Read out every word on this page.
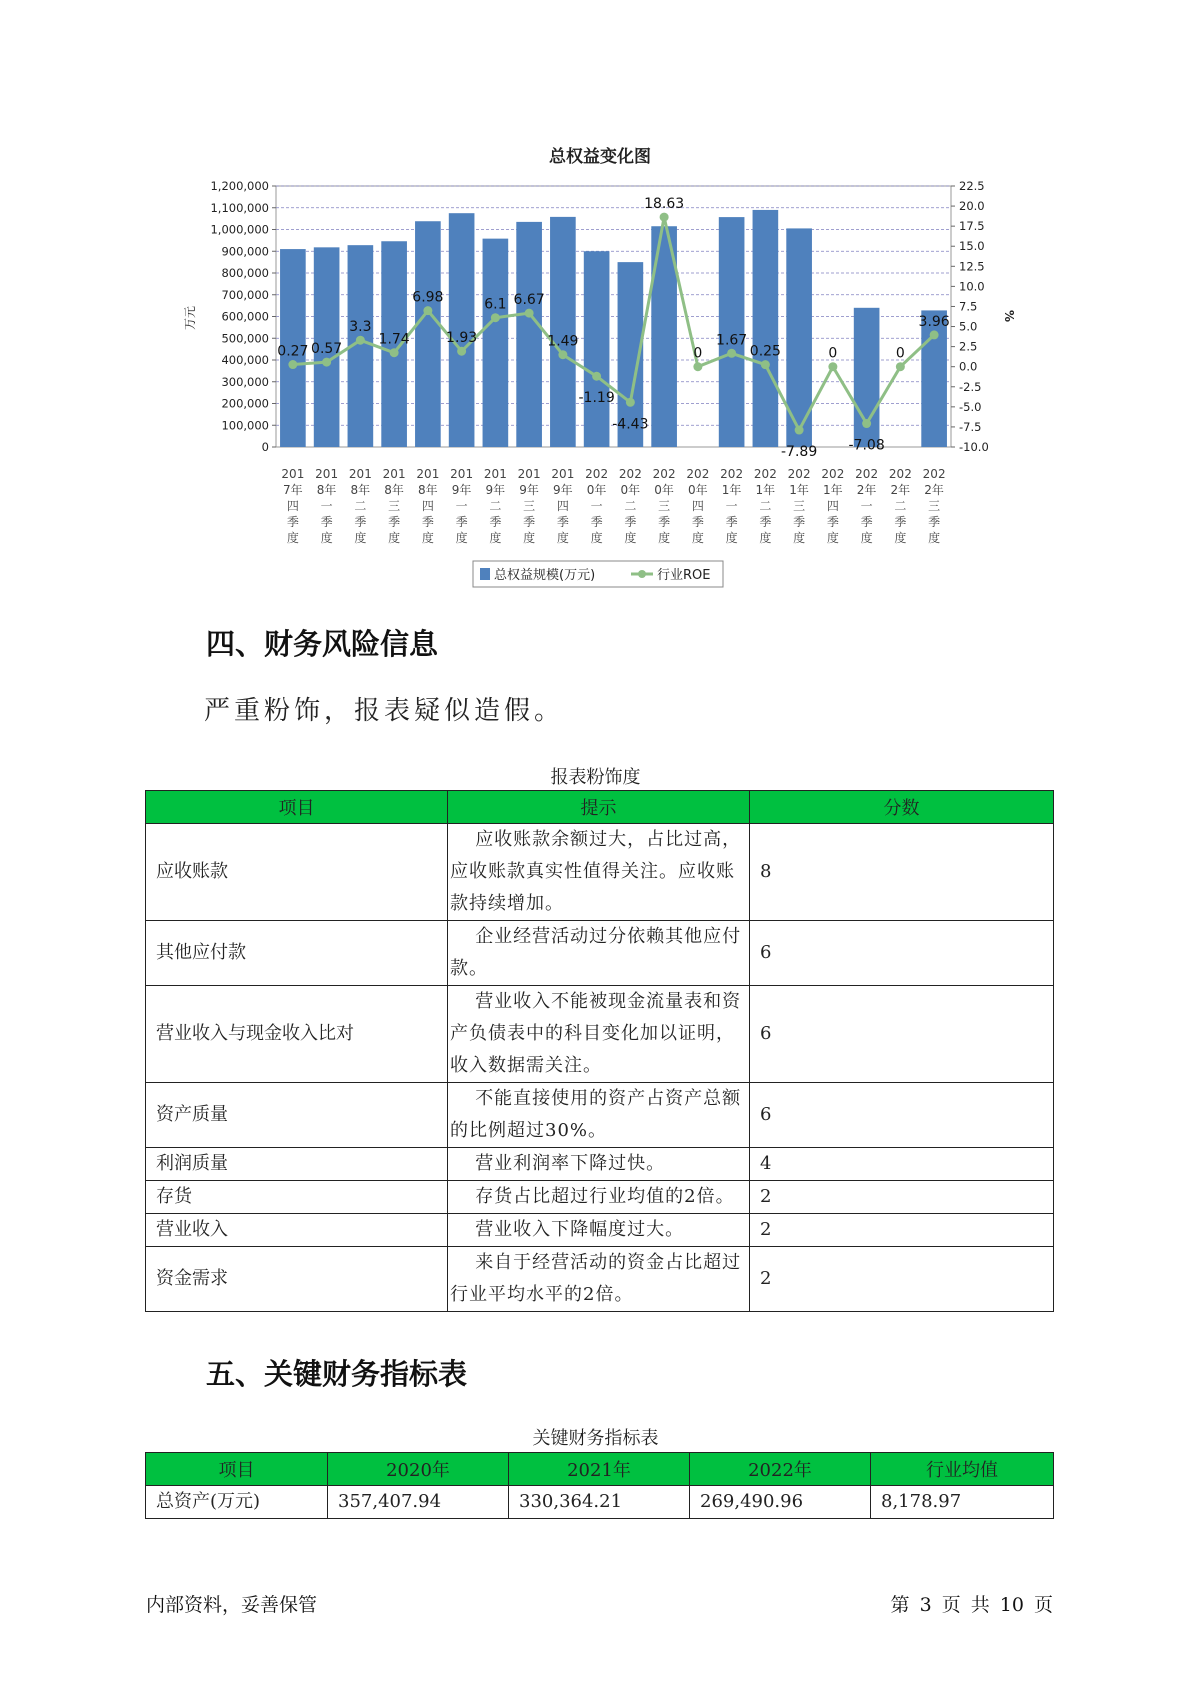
总权益变化图
0
100,000
200,000
300,000
400,000
500,000
600,000
700,000
800,000
900,000
1,000,000
1,100,000
1,200,000
-10.0
-7.5
-5.0
-2.5
0.0
2.5
5.0
7.5
10.0
12.5
15.0
17.5
20.0
22.5
万元	%
0.27 0.57
3.3
1.74
6.98
1.93
6.1 6.67
1.49
-1.19
-4.43
18.63
0
1.67
0.25
-7.89
0
-7.08
0
3.96
201
7年
四
季
度
201
8年
一
季
度
201
8年
二
季
度
201
8年
三
季
度
201
8年
四
季
度
201
9年
一
季
度
201
9年
二
季
度
201
9年
三
季
度
201
9年
四
季
度
202
0年
一
季
度
202
0年
二
季
度
202
0年
三
季
度
202
0年
四
季
度
202
1年
一
季
度
202
1年
二
季
度
202
1年
三
季
度
202
1年
四
季
度
202
2年
一
季
度
202
2年
二
季
度
202
2年
三
季
度
总权益规模(万元)	行业ROE
四、财务风险信息

严重粉饰，报表疑似造假。

报表粉饰度
项目	提示	分数
应收账款	应收账款余额过大，占比过高，应收账款真实性值得关注。应收账款持续增加。	8
其他应付款	企业经营活动过分依赖其他应付款。	6
营业收入与现金收入比对	营业收入不能被现金流量表和资产负债表中的科目变化加以证明，收入数据需关注。	6
资产质量	不能直接使用的资产占资产总额的比例超过30%。	6
利润质量	营业利润率下降过快。	4
存货	存货占比超过行业均值的2倍。	2
营业收入	营业收入下降幅度过大。	2
资金需求	来自于经营活动的资金占比超过行业平均水平的2倍。	2
五、关键财务指标表
关键财务指标表
项目	2020年	2021年	2022年	行业均值
总资产(万元)	357,407.94	330,364.21	269,490.96	8,178.97
内部资料，妥善保管	第 3 页 共 10 页
